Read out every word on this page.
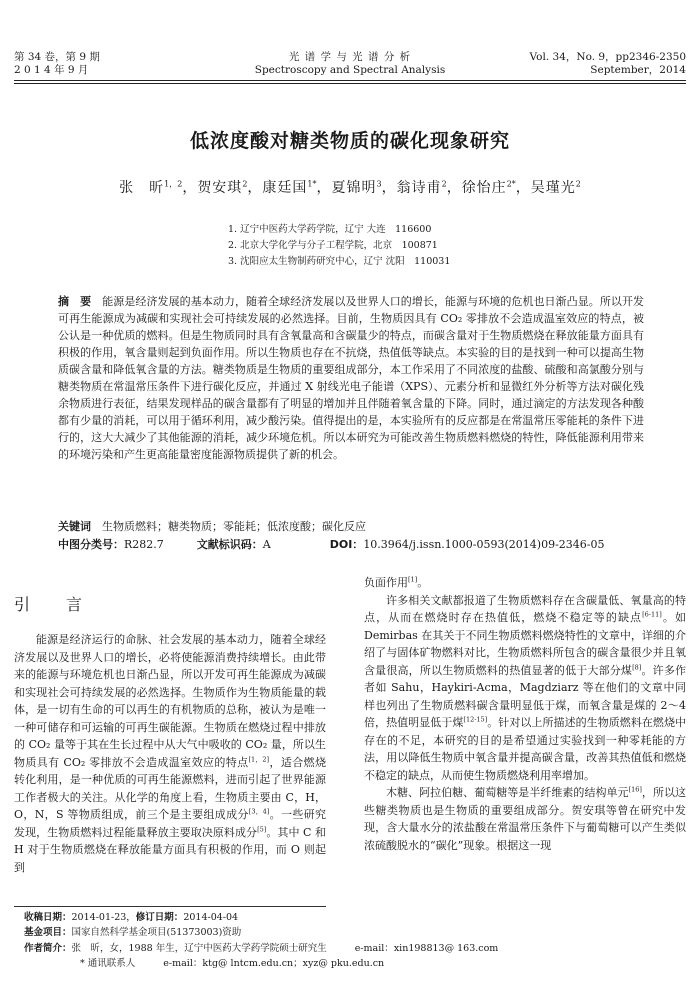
第 34 卷，第 9 期
2 0 1 4 年 9 月
光 谱 学 与 光 谱 分 析
Spectroscopy and Spectral Analysis
Vol. 34，No. 9，pp2346-2350
September，2014
低浓度酸对糖类物质的碳化现象研究
张　昕$^{1,2}$，贺安琪$^2$，康廷国$^{1*}$，夏锦明$^3$，翁诗甫$^2$，徐怡庄$^{2*}$，吴瑾光$^2$
1. 辽宁中医药大学药学院，辽宁 大连　116600
2. 北京大学化学与分子工程学院，北京　100871
3. 沈阳应太生物制药研究中心，辽宁 沈阳　110031
摘　要　 能源是经济发展的基本动力，随着全球经济发展以及世界人口的增长，能源与环境的危机也日渐凸显。所以开发可再生能源成为减碳和实现社会可持续发展的必然选择。目前，生物质因具有 CO₂ 零排放不会造成温室效应的特点，被公认是一种优质的燃料。但是生物质同时具有含氧量高和含碳量少的特点，而碳含量对于生物质燃烧在释放能量方面具有积极的作用，氧含量则起到负面作用。所以生物质也存在不抗烧，热值低等缺点。本实验的目的是找到一种可以提高生物质碳含量和降低氧含量的方法。糖类物质是生物质的重要组成部分，本工作采用了不同浓度的盐酸、硫酸和高氯酸分别与糖类物质在常温常压条件下进行碳化反应，并通过 X 射线光电子能谱（XPS）、元素分析和显微红外分析等方法对碳化残余物质进行表征，结果发现样品的碳含量都有了明显的增加并且伴随着氧含量的下降。同时，通过滴定的方法发现各种酸都有少量的消耗，可以用于循环利用，减少酸污染。值得提出的是，本实验所有的反应都是在常温常压零能耗的条件下进行的，这大大减少了其他能源的消耗，减少环境危机。所以本研究为可能改善生物质燃料燃烧的特性，降低能源利用带来的环境污染和产生更高能量密度能源物质提供了新的机会。
关键词　 生物质燃料；糖类物质；零能耗；低浓度酸；碳化反应
中图分类号：R282.7	文献标识码：A	DOI：10.3964/j.issn.1000-0593(2014)09-2346-05
引　言

能源是经济运行的命脉、社会发展的基本动力，随着全球经济发展以及世界人口的增长，必将使能源消费持续增长。由此带来的能源与环境危机也日渐凸显，所以开发可再生能源成为减碳和实现社会可持续发展的必然选择。生物质作为生物质能量的载体，是一切有生命的可以再生的有机物质的总称，被认为是唯一一种可储存和可运输的可再生碳能源。生物质在燃烧过程中排放的 CO₂ 量等于其在生长过程中从大气中吸收的 CO₂ 量，所以生物质具有 CO₂ 零排放不会造成温室效应的特点[1，2]，适合燃烧转化利用，是一种优质的可再生能源燃料，进而引起了世界能源工作者极大的关注。从化学的角度上看，生物质主要由 C，H，O，N，S 等物质组成，前三个是主要组成成分[3，4]。一些研究发现，生物质燃料过程能量释放主要取决原料成分[5]。其中 C 和 H 对于生物质燃烧在释放能量方面具有积极的作用，而 O 则起到

负面作用[1]。

许多相关文献都报道了生物质燃料存在含碳量低、氧量高的特点，从而在燃烧时存在热值低，燃烧不稳定等的缺点[6-11]。如 Demirbas 在其关于不同生物质燃料燃烧特性的文章中，详细的介绍了与固体矿物燃料对比，生物质燃料所包含的碳含量很少并且氧含量很高，所以生物质燃料的热值显著的低于大部分煤[8]。许多作者如 Sahu，Haykiri-Acma，Magdziarz 等在他们的文章中同样也列出了生物质燃料碳含量明显低于煤，而氧含量是煤的 2～4 倍，热值明显低于煤[12-15]。针对以上所描述的生物质燃料在燃烧中存在的不足，本研究的目的是希望通过实验找到一种零耗能的方法，用以降低生物质中氧含量并提高碳含量，改善其热值低和燃烧不稳定的缺点，从而使生物质燃烧利用率增加。

木糖、阿拉伯糖、葡萄糖等是半纤维素的结构单元[16]，所以这些糖类物质也是生物质的重要组成部分。贺安琪等曾在研究中发现，含大量水分的浓盐酸在常温常压条件下与葡萄糖可以产生类似浓硫酸脱水的“碳化”现象。根据这一现

收稿日期：2014-01-23，修订日期：2014-04-04
基金项目：国家自然科学基金项目(51373003)资助
作者简介：张　昕，女，1988 年生，辽宁中医药大学药学院硕士研究生	e-mail：xin198813@ 163.com
* 通讯联系人	e-mail：ktg@ lntcm.edu.cn；xyz@ pku.edu.cn
